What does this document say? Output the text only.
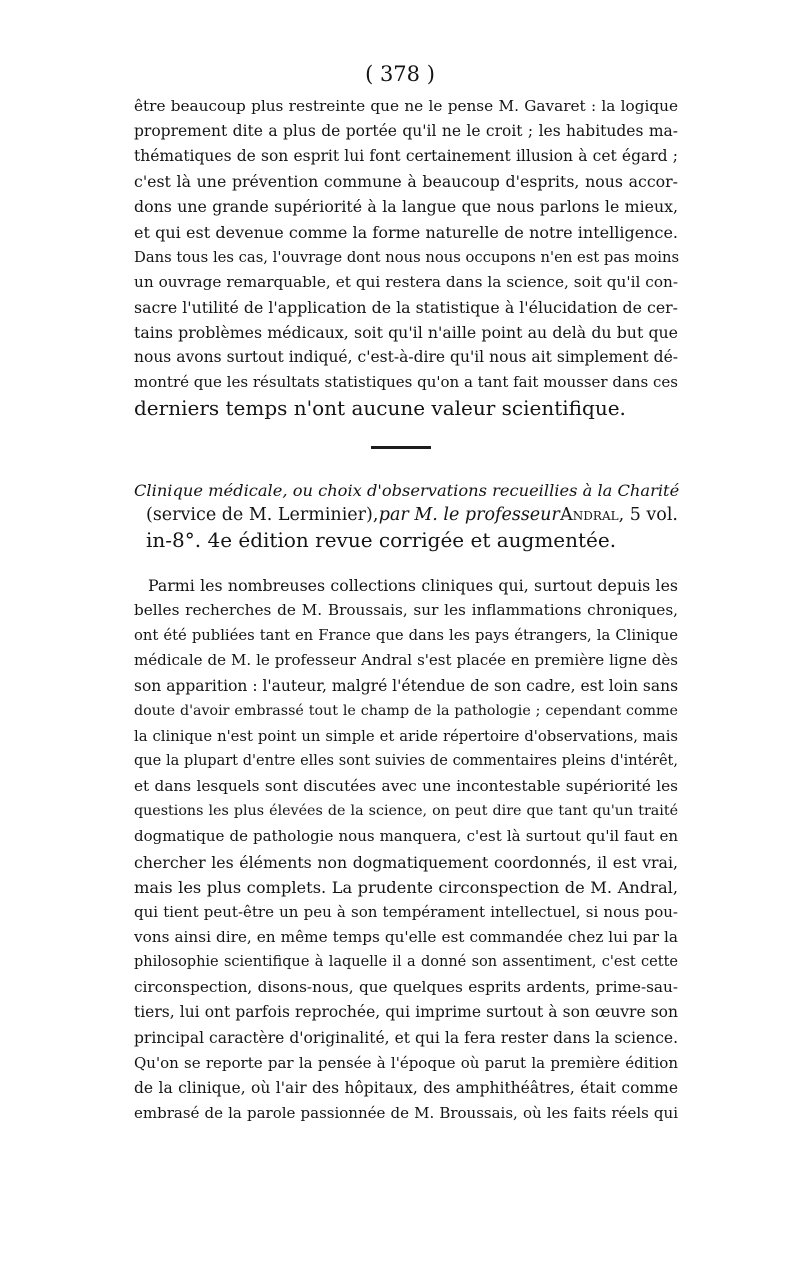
( 378 )
être beaucoup plus restreinte que ne le pense M. Gavaret : la logique
proprement dite a plus de portée qu'il ne le croit ; les habitudes ma-
thématiques de son esprit lui font certainement illusion à cet égard ;
c'est là une prévention commune à beaucoup d'esprits, nous accor-
dons une grande supériorité à la langue que nous parlons le mieux,
et qui est devenue comme la forme naturelle de notre intelligence.
Dans tous les cas, l'ouvrage dont nous nous occupons n'en est pas moins
un ouvrage remarquable, et qui restera dans la science, soit qu'il con-
sacre l'utilité de l'application de la statistique à l'élucidation de cer-
tains problèmes médicaux, soit qu'il n'aille point au delà du but que
nous avons surtout indiqué, c'est-à-dire qu'il nous ait simplement dé-
montré que les résultats statistiques qu'on a tant fait mousser dans ces
derniers temps n'ont aucune valeur scientifique.
Clinique médicale, ou choix d'observations recueillies à la Charité
(service de M. Lerminier), par M. le professeur Andral, 5 vol.
in-8°. 4e édition revue corrigée et augmentée.
Parmi les nombreuses collections cliniques qui, surtout depuis les
belles recherches de M. Broussais, sur les inflammations chroniques,
ont été publiées tant en France que dans les pays étrangers, la Clinique
médicale de M. le professeur Andral s'est placée en première ligne dès
son apparition : l'auteur, malgré l'étendue de son cadre, est loin sans
doute d'avoir embrassé tout le champ de la pathologie ; cependant comme
la clinique n'est point un simple et aride répertoire d'observations, mais
que la plupart d'entre elles sont suivies de commentaires pleins d'intérêt,
et dans lesquels sont discutées avec une incontestable supériorité les
questions les plus élevées de la science, on peut dire que tant qu'un traité
dogmatique de pathologie nous manquera, c'est là surtout qu'il faut en
chercher les éléments non dogmatiquement coordonnés, il est vrai,
mais les plus complets. La prudente circonspection de M. Andral,
qui tient peut-être un peu à son tempérament intellectuel, si nous pou-
vons ainsi dire, en même temps qu'elle est commandée chez lui par la
philosophie scientifique à laquelle il a donné son assentiment, c'est cette
circonspection, disons-nous, que quelques esprits ardents, prime-sau-
tiers, lui ont parfois reprochée, qui imprime surtout à son œuvre son
principal caractère d'originalité, et qui la fera rester dans la science.
Qu'on se reporte par la pensée à l'époque où parut la première édition
de la clinique, où l'air des hôpitaux, des amphithéâtres, était comme
embrasé de la parole passionnée de M. Broussais, où les faits réels qui
